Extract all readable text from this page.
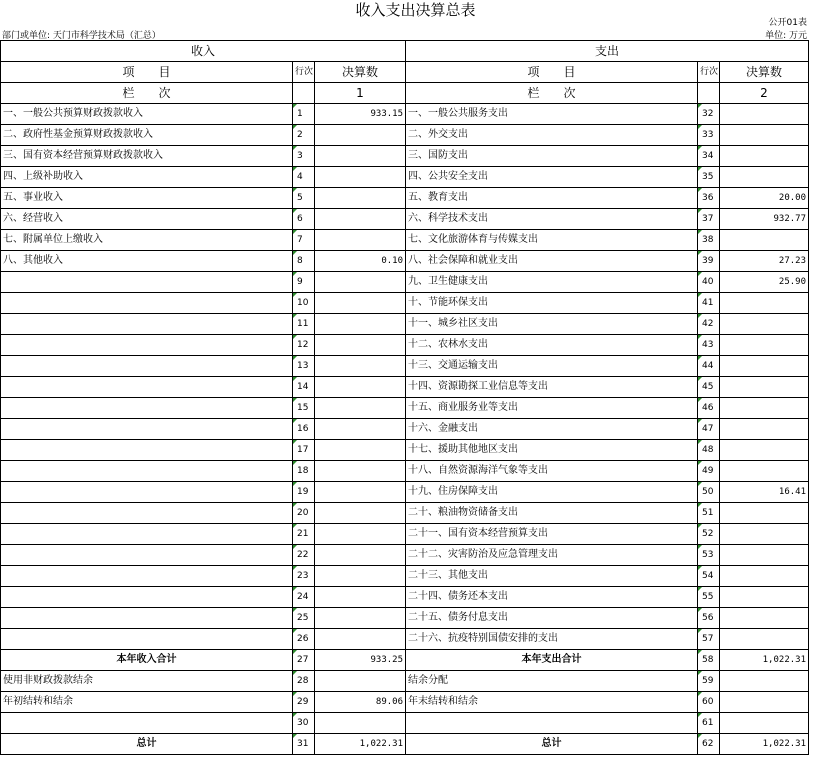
收入支出决算总表
公开01表
部门或单位: 天门市科学技术局（汇总）	单位: 万元
收入			支出		
项　　目	行次	决算数	项　　目	行次	决算数
栏　　次		1	栏　　次		2
一、一般公共预算财政拨款收入	1	933.15	一、一般公共服务支出	32	
二、政府性基金预算财政拨款收入	2		二、外交支出	33	
三、国有资本经营预算财政拨款收入	3		三、国防支出	34	
四、上级补助收入	4		四、公共安全支出	35	
五、事业收入	5		五、教育支出	36	20.00
六、经营收入	6		六、科学技术支出	37	932.77
七、附属单位上缴收入	7		七、文化旅游体育与传媒支出	38	
八、其他收入	8	0.10	八、社会保障和就业支出	39	27.23
	9		九、卫生健康支出	40	25.90
	10		十、节能环保支出	41	
	11		十一、城乡社区支出	42	
	12		十二、农林水支出	43	
	13		十三、交通运输支出	44	
	14		十四、资源勘探工业信息等支出	45	
	15		十五、商业服务业等支出	46	
	16		十六、金融支出	47	
	17		十七、援助其他地区支出	48	
	18		十八、自然资源海洋气象等支出	49	
	19		十九、住房保障支出	50	16.41
	20		二十、粮油物资储备支出	51	
	21		二十一、国有资本经营预算支出	52	
	22		二十二、灾害防治及应急管理支出	53	
	23		二十三、其他支出	54	
	24		二十四、债务还本支出	55	
	25		二十五、债务付息支出	56	
	26		二十六、抗疫特别国债安排的支出	57	
本年收入合计	27	933.25	本年支出合计	58	1,022.31
使用非财政拨款结余	28		结余分配	59	
年初结转和结余	29	89.06	年末结转和结余	60	
	30			61	
总计	31	1,022.31	总计	62	1,022.31
